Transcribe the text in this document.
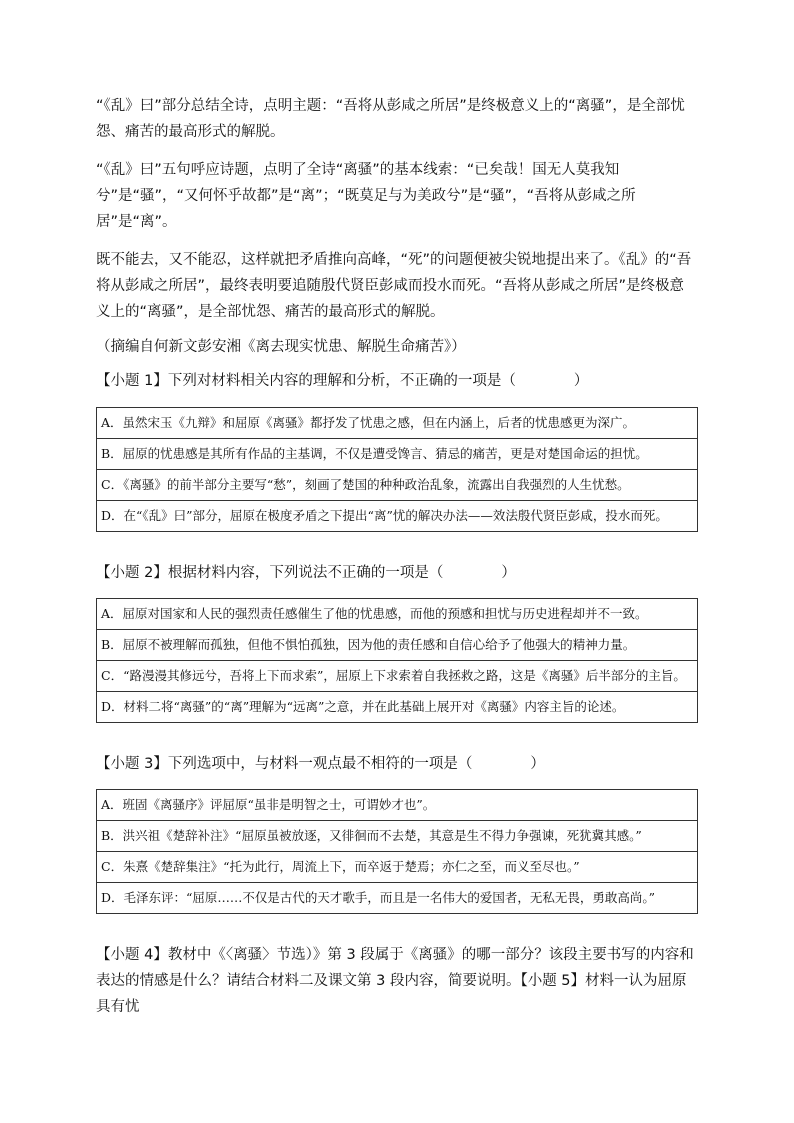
“《乱》曰”部分总结全诗，点明主题：“吾将从彭咸之所居”是终极意义上的“离骚”，是全部忧怨、痛苦的最高形式的解脱。

“《乱》曰”五句呼应诗题，点明了全诗“离骚”的基本线索：“已矣哉！国无人莫我知兮”是“骚”，“又何怀乎故都”是“离”；“既莫足与为美政兮”是“骚”，“吾将从彭咸之所居”是“离”。

既不能去，又不能忍，这样就把矛盾推向高峰，“死”的问题便被尖锐地提出来了。《乱》的“吾将从彭咸之所居”，最终表明要追随殷代贤臣彭咸而投水而死。“吾将从彭咸之所居”是终极意义上的“离骚”，是全部忧怨、痛苦的最高形式的解脱。

（摘编自何新文彭安湘《离去现实忧患、解脱生命痛苦》）

【小题 1】下列对材料相关内容的理解和分析，不正确的一项是（　　　　）

A．虽然宋玉《九辩》和屈原《离骚》都抒发了忧患之感，但在内涵上，后者的忧患感更为深广。
B．屈原的忧患感是其所有作品的主基调，不仅是遭受馋言、猜忌的痛苦，更是对楚国命运的担忧。
C．《离骚》的前半部分主要写“愁”，刻画了楚国的种种政治乱象，流露出自我强烈的人生忧愁。
D．在“《乱》曰”部分，屈原在极度矛盾之下提出“离”忧的解决办法——效法殷代贤臣彭咸，投水而死。

【小题 2】根据材料内容，下列说法不正确的一项是（　　　　）

A．屈原对国家和人民的强烈责任感催生了他的忧患感，而他的预感和担忧与历史进程却并不一致。
B．屈原不被理解而孤独，但他不惧怕孤独，因为他的责任感和自信心给予了他强大的精神力量。
C．“路漫漫其修远兮，吾将上下而求索”，屈原上下求索着自我拯救之路，这是《离骚》后半部分的主旨。
D．材料二将“离骚”的“离”理解为“远离”之意，并在此基础上展开对《离骚》内容主旨的论述。

【小题 3】下列选项中，与材料一观点最不相符的一项是（　　　　）

A．班固《离骚序》评屈原“虽非是明智之士，可谓妙才也”。
B．洪兴祖《楚辞补注》“屈原虽被放逐，又徘徊而不去楚，其意是生不得力争强谏，死犹冀其感。”
C．朱熹《楚辞集注》“托为此行，周流上下，而卒返于楚焉；亦仁之至，而义至尽也。”
D．毛泽东评：“屈原……不仅是古代的天才歌手，而且是一名伟大的爱国者，无私无畏，勇敢高尚。”

【小题 4】教材中《〈离骚〉节选）》第 3 段属于《离骚》的哪一部分？该段主要书写的内容和表达的情感是什么？请结合材料二及课文第 3 段内容，简要说明。【小题 5】材料一认为屈原具有忧
